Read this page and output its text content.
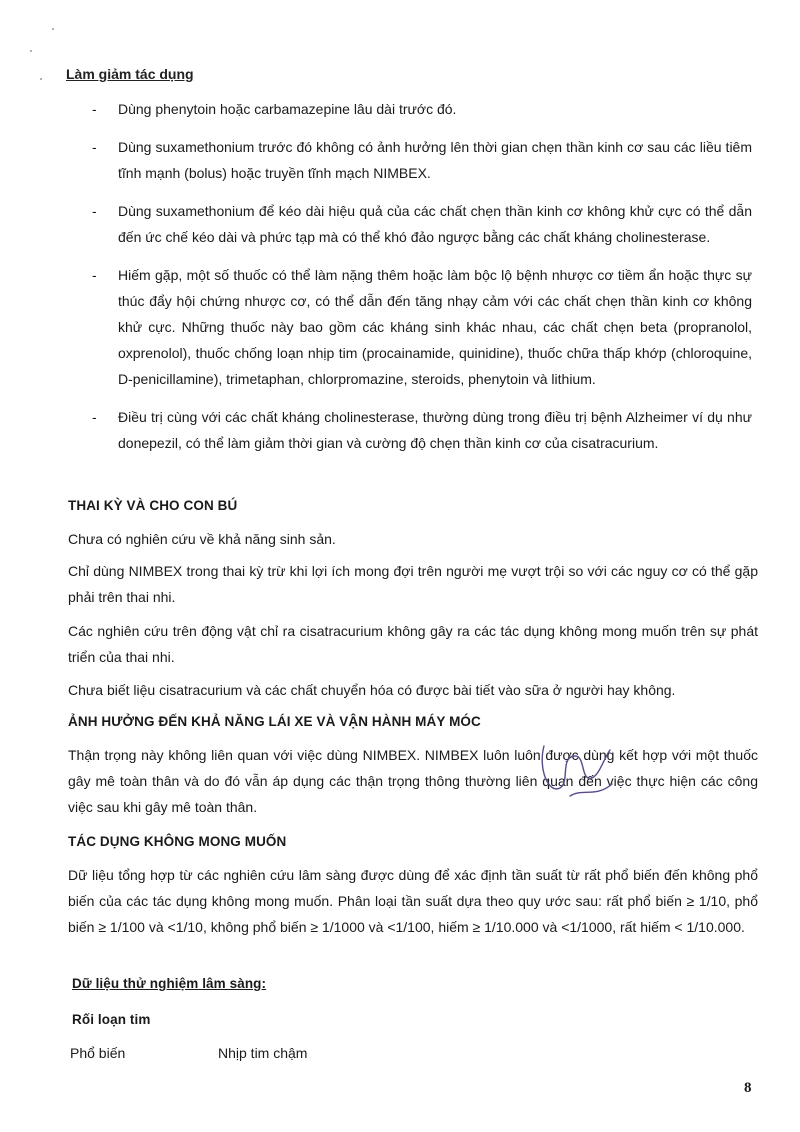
Làm giảm tác dụng
- Dùng phenytoin hoặc carbamazepine lâu dài trước đó.
- Dùng suxamethonium trước đó không có ảnh hưởng lên thời gian chẹn thần kinh cơ sau các liều tiêm tĩnh mạnh (bolus) hoặc truyền tĩnh mạch NIMBEX.
- Dùng suxamethonium để kéo dài hiệu quả của các chất chẹn thần kinh cơ không khử cực có thể dẫn đến ức chế kéo dài và phức tạp mà có thể khó đảo ngược bằng các chất kháng cholinesterase.
- Hiếm gặp, một số thuốc có thể làm nặng thêm hoặc làm bộc lộ bệnh nhược cơ tiềm ẩn hoặc thực sự thúc đẩy hội chứng nhược cơ, có thể dẫn đến tăng nhạy cảm với các chất chẹn thần kinh cơ không khử cực. Những thuốc này bao gồm các kháng sinh khác nhau, các chất chẹn beta (propranolol, oxprenolol), thuốc chống loạn nhịp tim (procainamide, quinidine), thuốc chữa thấp khớp (chloroquine, D-penicillamine), trimetaphan, chlorpromazine, steroids, phenytoin và lithium.
- Điều trị cùng với các chất kháng cholinesterase, thường dùng trong điều trị bệnh Alzheimer ví dụ như donepezil, có thể làm giảm thời gian và cường độ chẹn thần kinh cơ của cisatracurium.
THAI KỲ VÀ CHO CON BÚ
Chưa có nghiên cứu về khả năng sinh sản.
Chỉ dùng NIMBEX trong thai kỳ trừ khi lợi ích mong đợi trên người mẹ vượt trội so với các nguy cơ có thể gặp phải trên thai nhi.
Các nghiên cứu trên động vật chỉ ra cisatracurium không gây ra các tác dụng không mong muốn trên sự phát triển của thai nhi.
Chưa biết liệu cisatracurium và các chất chuyển hóa có được bài tiết vào sữa ở người hay không.
ẢNH HƯỞNG ĐẾN KHẢ NĂNG LÁI XE VÀ VẬN HÀNH MÁY MÓC
Thận trọng này không liên quan với việc dùng NIMBEX. NIMBEX luôn luôn được dùng kết hợp với một thuốc gây mê toàn thân và do đó vẫn áp dụng các thận trọng thông thường liên quan đến việc thực hiện các công việc sau khi gây mê toàn thân.
TÁC DỤNG KHÔNG MONG MUỐN
Dữ liệu tổng hợp từ các nghiên cứu lâm sàng được dùng để xác định tần suất từ rất phổ biến đến không phổ biến của các tác dụng không mong muốn. Phân loại tần suất dựa theo quy ước sau: rất phổ biến ≥ 1/10, phổ biến ≥ 1/100 và <1/10, không phổ biến ≥ 1/1000 và <1/100, hiếm ≥ 1/10.000 và <1/1000, rất hiếm < 1/10.000.
Dữ liệu thử nghiệm lâm sàng:
Rối loạn tim
Phổ biến	Nhịp tim chậm
8
